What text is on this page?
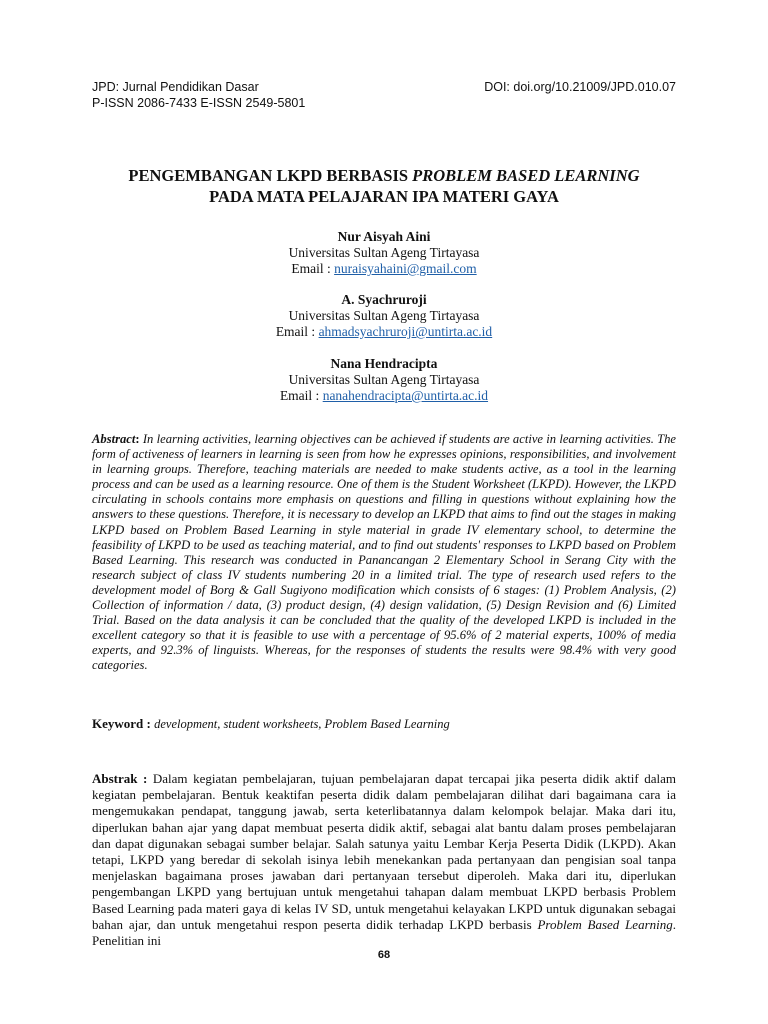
JPD: Jurnal Pendidikan Dasar	DOI: doi.org/10.21009/JPD.010.07
P-ISSN 2086-7433 E-ISSN 2549-5801
PENGEMBANGAN LKPD BERBASIS PROBLEM BASED LEARNING
PADA MATA PELAJARAN IPA MATERI GAYA
Nur Aisyah Aini
Universitas Sultan Ageng Tirtayasa
Email : nuraisyahaini@gmail.com
A. Syachruroji
Universitas Sultan Ageng Tirtayasa
Email : ahmadsyachruroji@untirta.ac.id
Nana Hendracipta
Universitas Sultan Ageng Tirtayasa
Email : nanahendracipta@untirta.ac.id
Abstract: In learning activities, learning objectives can be achieved if students are active in learning activities. The form of activeness of learners in learning is seen from how he expresses opinions, responsibilities, and involvement in learning groups. Therefore, teaching materials are needed to make students active, as a tool in the learning process and can be used as a learning resource. One of them is the Student Worksheet (LKPD). However, the LKPD circulating in schools contains more emphasis on questions and filling in questions without explaining how the answers to these questions. Therefore, it is necessary to develop an LKPD that aims to find out the stages in making LKPD based on Problem Based Learning in style material in grade IV elementary school, to determine the feasibility of LKPD to be used as teaching material, and to find out students' responses to LKPD based on Problem Based Learning. This research was conducted in Panancangan 2 Elementary School in Serang City with the research subject of class IV students numbering 20 in a limited trial. The type of research used refers to the development model of Borg & Gall Sugiyono modification which consists of 6 stages: (1) Problem Analysis, (2) Collection of information / data, (3) product design, (4) design validation, (5) Design Revision and (6) Limited Trial. Based on the data analysis it can be concluded that the quality of the developed LKPD is included in the excellent category so that it is feasible to use with a percentage of 95.6% of 2 material experts, 100% of media experts, and 92.3% of linguists. Whereas, for the responses of students the results were 98.4% with very good categories.
Keyword : development, student worksheets, Problem Based Learning
Abstrak : Dalam kegiatan pembelajaran, tujuan pembelajaran dapat tercapai jika peserta didik aktif dalam kegiatan pembelajaran. Bentuk keaktifan peserta didik dalam pembelajaran dilihat dari bagaimana cara ia mengemukakan pendapat, tanggung jawab, serta keterlibatannya dalam kelompok belajar. Maka dari itu, diperlukan bahan ajar yang dapat membuat peserta didik aktif, sebagai alat bantu dalam proses pembelajaran dan dapat digunakan sebagai sumber belajar. Salah satunya yaitu Lembar Kerja Peserta Didik (LKPD). Akan tetapi, LKPD yang beredar di sekolah isinya lebih menekankan pada pertanyaan dan pengisian soal tanpa menjelaskan bagaimana proses jawaban dari pertanyaan tersebut diperoleh. Maka dari itu, diperlukan pengembangan LKPD yang bertujuan untuk mengetahui tahapan dalam membuat LKPD berbasis Problem Based Learning pada materi gaya di kelas IV SD, untuk mengetahui kelayakan LKPD untuk digunakan sebagai bahan ajar, dan untuk mengetahui respon peserta didik terhadap LKPD berbasis Problem Based Learning. Penelitian ini
68
